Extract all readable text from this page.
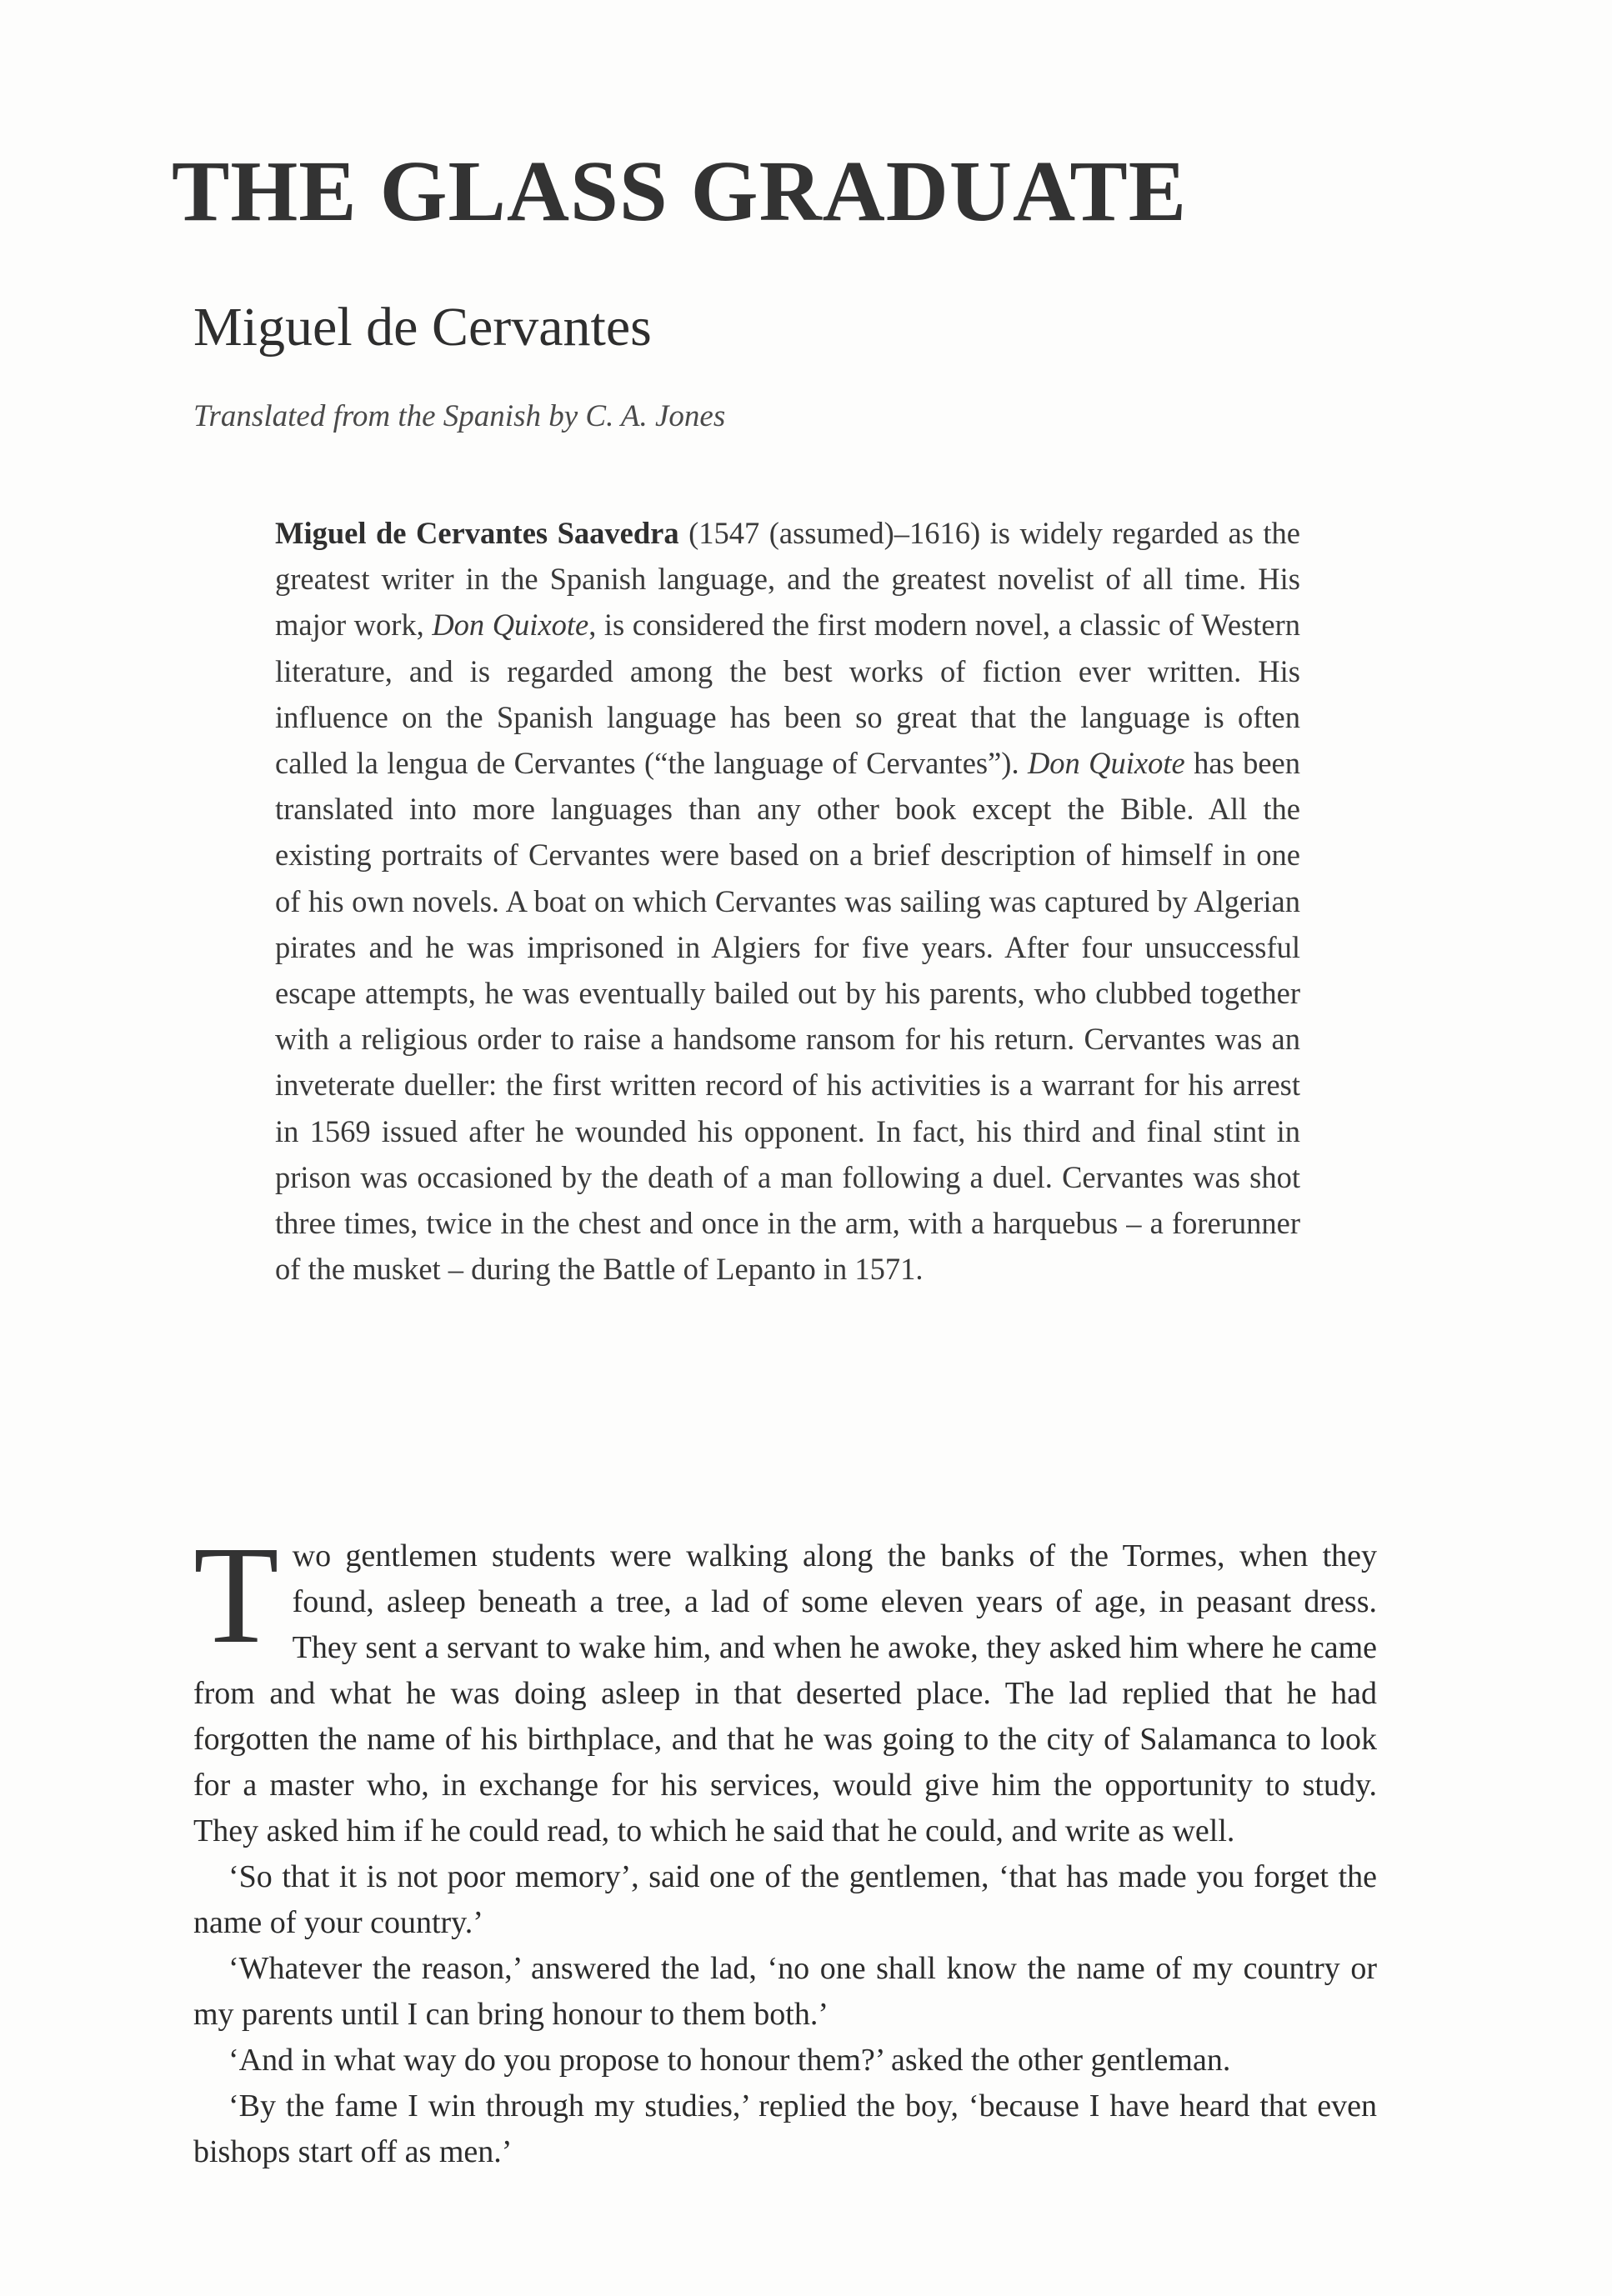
THE GLASS GRADUATE
Miguel de Cervantes
Translated from the Spanish by C. A. Jones

Miguel de Cervantes Saavedra (1547 (assumed)–1616) is widely regarded as the greatest writer in the Spanish language, and the greatest novelist of all time. His major work, Don Quixote, is considered the first modern novel, a classic of Western literature, and is regarded among the best works of fiction ever written. His influence on the Spanish language has been so great that the language is often called la lengua de Cervantes (“the language of Cervantes”). Don Quixote has been translated into more languages than any other book except the Bible. All the existing portraits of Cervantes were based on a brief description of himself in one of his own novels. A boat on which Cervantes was sailing was captured by Algerian pirates and he was imprisoned in Algiers for five years. After four unsuccessful escape attempts, he was eventually bailed out by his parents, who clubbed together with a religious order to raise a handsome ransom for his return. Cervantes was an inveterate dueller: the first written record of his activities is a warrant for his arrest in 1569 issued after he wounded his opponent. In fact, his third and final stint in prison was occasioned by the death of a man following a duel. Cervantes was shot three times, twice in the chest and once in the arm, with a harquebus – a forerunner of the musket – during the Battle of Lepanto in 1571.

Two gentlemen students were walking along the banks of the Tormes, when they found, asleep beneath a tree, a lad of some eleven years of age, in peasant dress. They sent a servant to wake him, and when he awoke, they asked him where he came from and what he was doing asleep in that deserted place. The lad replied that he had forgotten the name of his birthplace, and that he was going to the city of Salamanca to look for a master who, in exchange for his services, would give him the opportunity to study. They asked him if he could read, to which he said that he could, and write as well.

‘So that it is not poor memory’, said one of the gentlemen, ‘that has made you forget the name of your country.’

‘Whatever the reason,’ answered the lad, ‘no one shall know the name of my country or my parents until I can bring honour to them both.’

‘And in what way do you propose to honour them?’ asked the other gentleman.

‘By the fame I win through my studies,’ replied the boy, ‘because I have heard that even bishops start off as men.’
